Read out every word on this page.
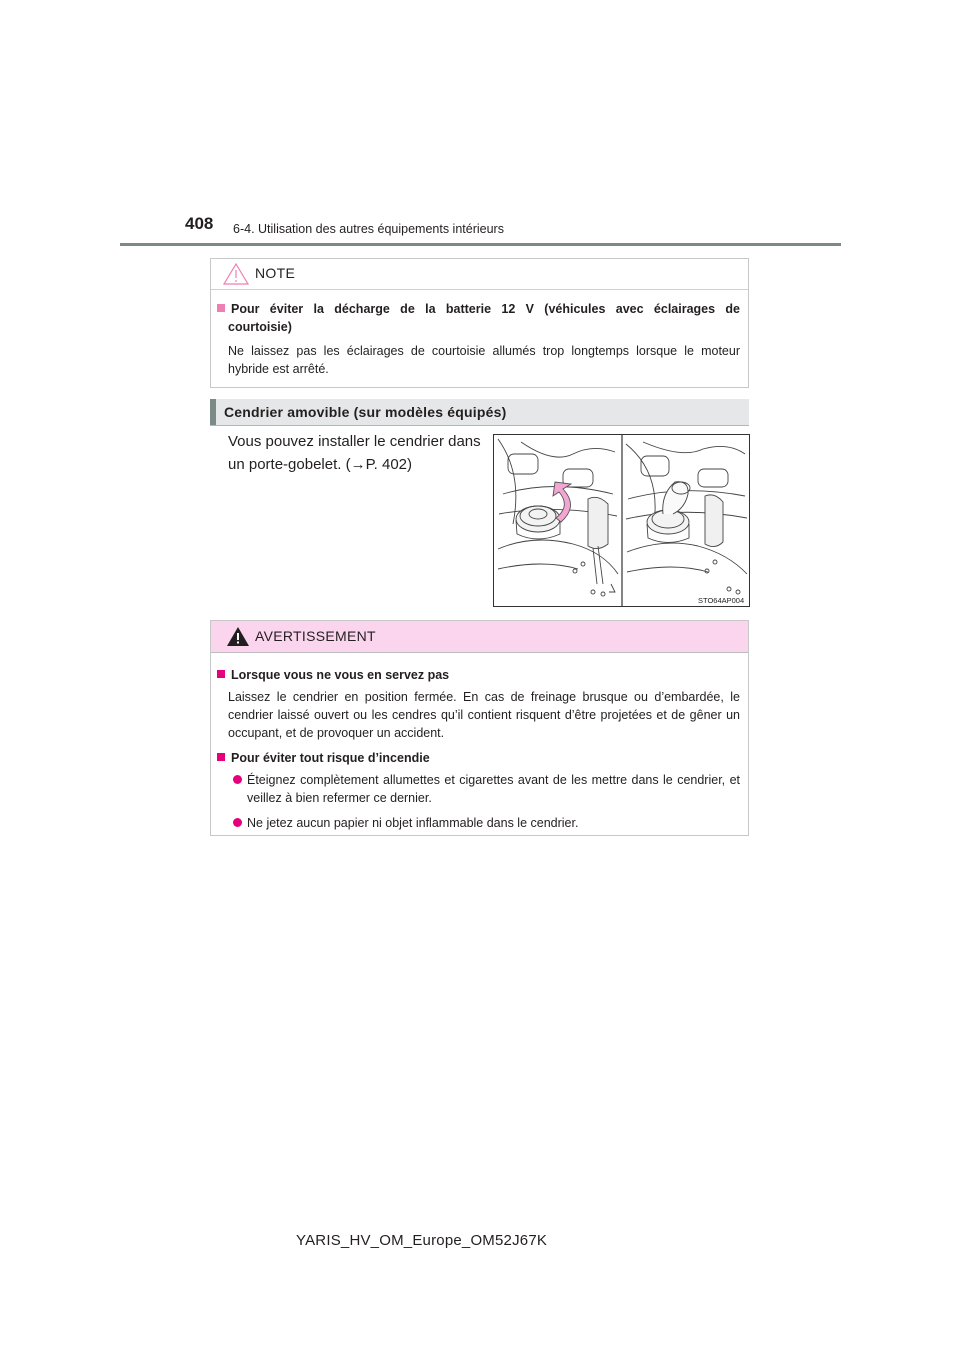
408 6-4. Utilisation des autres équipements intérieurs
NOTE
Pour éviter la décharge de la batterie 12 V (véhicules avec éclairages de
courtoisie)
Ne laissez pas les éclairages de courtoisie allumés trop longtemps lorsque le moteur hybride est arrêté.
Cendrier amovible (sur modèles équipés)
Vous pouvez installer le cendrier dans
un porte-gobelet. (→P. 402)
STO64AP004
AVERTISSEMENT
Lorsque vous ne vous en servez pas
Laissez le cendrier en position fermée. En cas de freinage brusque ou d’embardée, le cendrier laissé ouvert ou les cendres qu’il contient risquent d’être projetées et de gêner un occupant, et de provoquer un accident.
Pour éviter tout risque d’incendie
Éteignez complètement allumettes et cigarettes avant de les mettre dans le cendrier, et veillez à bien refermer ce dernier.
Ne jetez aucun papier ni objet inflammable dans le cendrier.
YARIS_HV_OM_Europe_OM52J67K
